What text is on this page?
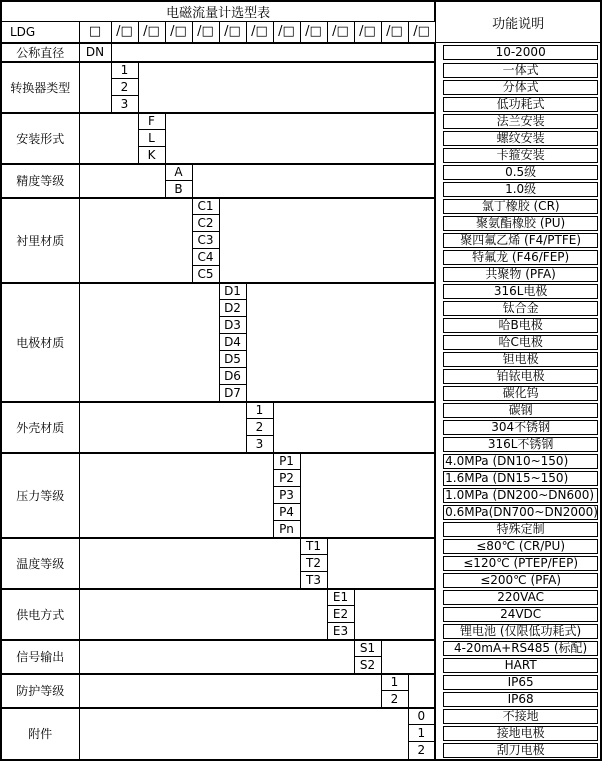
电磁流量计选型表														功能说明
LDG	□	/□	/□	/□	/□	/□	/□	/□	/□	/□	/□	/□	/□	
公称直径	DN													10-2000

转换器类型		1												一体式

		2												分体式

		3												低功耗式

安装形式			F											法兰安装

			L											螺纹安装

			K											卡箍安装

精度等级				A										0.5级

				B										1.0级

衬里材质					C1									氯丁橡胶 (CR)

					C2									聚氨酯橡胶 (PU)

					C3									聚四氟乙烯 (F4/PTFE)

					C4									特氟龙 (F46/FEP)

					C5									共聚物 (PFA)

电极材质						D1								316L电极

						D2								钛合金

						D3								哈B电极

						D4								哈C电极

						D5								钽电极

						D6								铂铱电极

						D7								碳化钨

外壳材质							1							碳钢

							2							304不锈钢

							3							316L不锈钢

压力等级								P1						4.0MPa (DN10~150)

								P2						1.6MPa (DN15~150)

								P3						1.0MPa (DN200~DN600)

								P4						0.6MPa(DN700~DN2000)

								Pn						特殊定制

温度等级									T1					≤80℃ (CR/PU)

									T2					≤120℃ (PTEP/FEP)

									T3					≤200℃ (PFA)

供电方式										E1				220VAC

										E2				24VDC

										E3				锂电池 (仅限低功耗式)

信号输出											S1			4-20mA+RS485 (标配)

											S2			HART

防护等级												1		IP65

												2		IP68

附件													0	不接地

													1	接地电极

													2	刮刀电极
